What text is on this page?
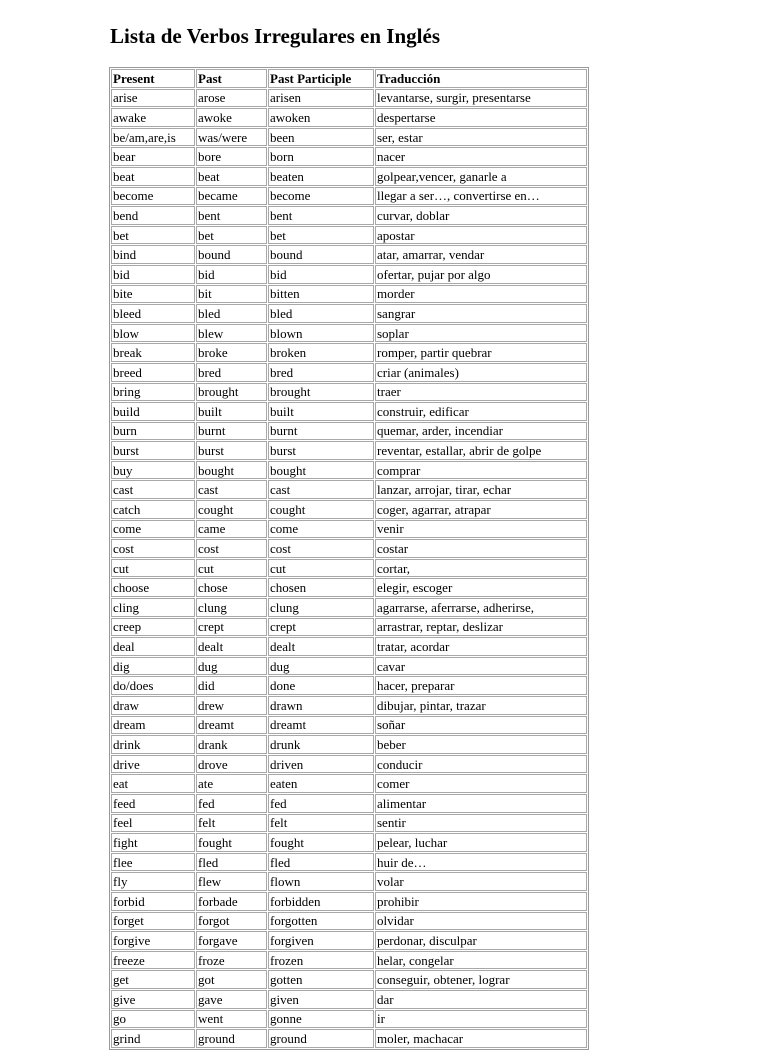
Lista de Verbos Irregulares en Inglés
Present	Past	Past Participle	Traducción
arise	arose	arisen	levantarse, surgir, presentarse
awake	awoke	awoken	despertarse
be/am,are,is	was/were	been	ser, estar
bear	bore	born	nacer
beat	beat	beaten	golpear,vencer, ganarle a
become	became	become	llegar a ser…, convertirse en…
bend	bent	bent	curvar, doblar
bet	bet	bet	apostar
bind	bound	bound	atar, amarrar, vendar
bid	bid	bid	ofertar, pujar por algo
bite	bit	bitten	morder
bleed	bled	bled	sangrar
blow	blew	blown	soplar
break	broke	broken	romper, partir quebrar
breed	bred	bred	criar (animales)
bring	brought	brought	traer
build	built	built	construir, edificar
burn	burnt	burnt	quemar, arder, incendiar
burst	burst	burst	reventar, estallar, abrir de golpe
buy	bought	bought	comprar
cast	cast	cast	lanzar, arrojar, tirar, echar
catch	cought	cought	coger, agarrar, atrapar
come	came	come	venir
cost	cost	cost	costar
cut	cut	cut	cortar,
choose	chose	chosen	elegir, escoger
cling	clung	clung	agarrarse, aferrarse, adherirse,
creep	crept	crept	arrastrar, reptar, deslizar
deal	dealt	dealt	tratar, acordar
dig	dug	dug	cavar
do/does	did	done	hacer, preparar
draw	drew	drawn	dibujar, pintar, trazar
dream	dreamt	dreamt	soñar
drink	drank	drunk	beber
drive	drove	driven	conducir
eat	ate	eaten	comer
feed	fed	fed	alimentar
feel	felt	felt	sentir
fight	fought	fought	pelear, luchar
flee	fled	fled	huir de…
fly	flew	flown	volar
forbid	forbade	forbidden	prohibir
forget	forgot	forgotten	olvidar
forgive	forgave	forgiven	perdonar, disculpar
freeze	froze	frozen	helar, congelar
get	got	gotten	conseguir, obtener, lograr
give	gave	given	dar
go	went	gonne	ir
grind	ground	ground	moler, machacar
